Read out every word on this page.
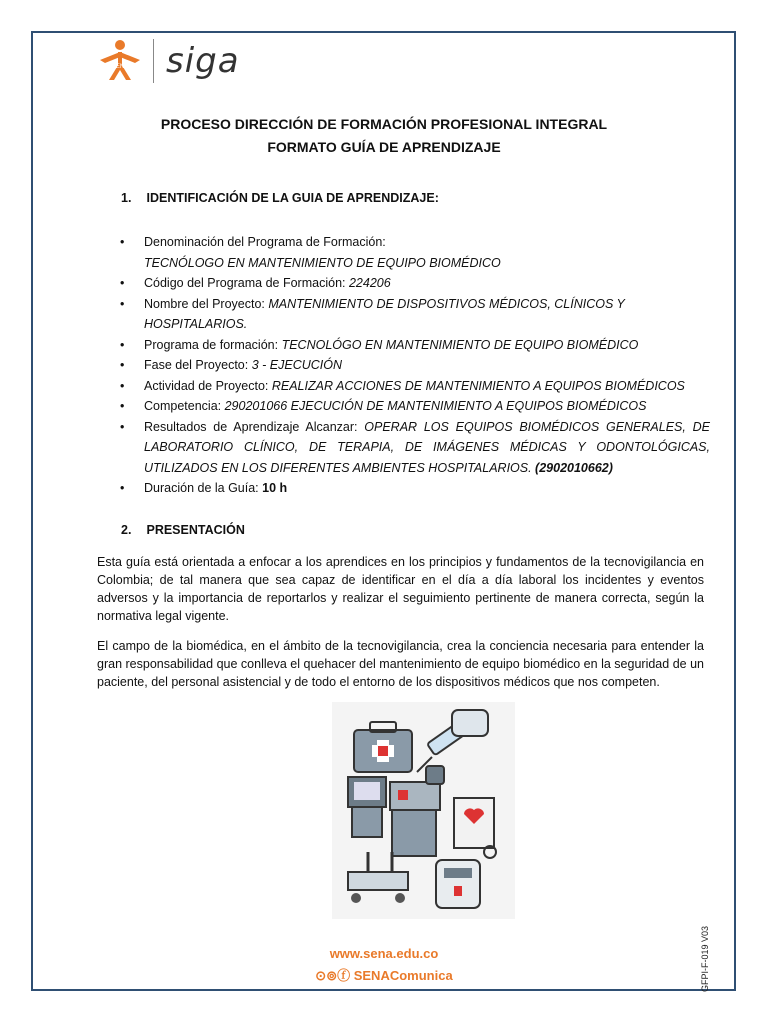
SENA siga
PROCESO DIRECCIÓN DE FORMACIÓN PROFESIONAL INTEGRAL
FORMATO GUÍA DE APRENDIZAJE
1. IDENTIFICACIÓN DE LA GUIA DE APRENDIZAJE:
• Denominación del Programa de Formación:
TECNÓLOGO EN MANTENIMIENTO DE EQUIPO BIOMÉDICO
• Código del Programa de Formación: 224206
• Nombre del Proyecto: MANTENIMIENTO DE DISPOSITIVOS MÉDICOS, CLÍNICOS Y HOSPITALARIOS.
• Programa de formación: TECNOLÓGO EN MANTENIMIENTO DE EQUIPO BIOMÉDICO
• Fase del Proyecto: 3 - EJECUCIÓN
• Actividad de Proyecto: REALIZAR ACCIONES DE MANTENIMIENTO A EQUIPOS BIOMÉDICOS
• Competencia: 290201066 EJECUCIÓN DE MANTENIMIENTO A EQUIPOS BIOMÉDICOS
• Resultados de Aprendizaje Alcanzar: OPERAR LOS EQUIPOS BIOMÉDICOS GENERALES, DE LABORATORIO CLÍNICO, DE TERAPIA, DE IMÁGENES MÉDICAS Y ODONTOLÓGICAS, UTILIZADOS EN LOS DIFERENTES AMBIENTES HOSPITALARIOS. (2902010662)
• Duración de la Guía: 10 h
2. PRESENTACIÓN
Esta guía está orientada a enfocar a los aprendices en los principios y fundamentos de la tecnovigilancia en Colombia; de tal manera que sea capaz de identificar en el día a día laboral los incidentes y eventos adversos y la importancia de reportarlos y realizar el seguimiento pertinente de manera correcta, según la normativa legal vigente.
El campo de la biomédica, en el ámbito de la tecnovigilancia, crea la conciencia necesaria para entender la gran responsabilidad que conlleva el quehacer del mantenimiento de equipo biomédico en la seguridad de un paciente, del personal asistencial y de todo el entorno de los dispositivos médicos que nos competen.
www.sena.edu.co
⊙⊚ⓕ SENAComunica	GFPI-F-019 V03
